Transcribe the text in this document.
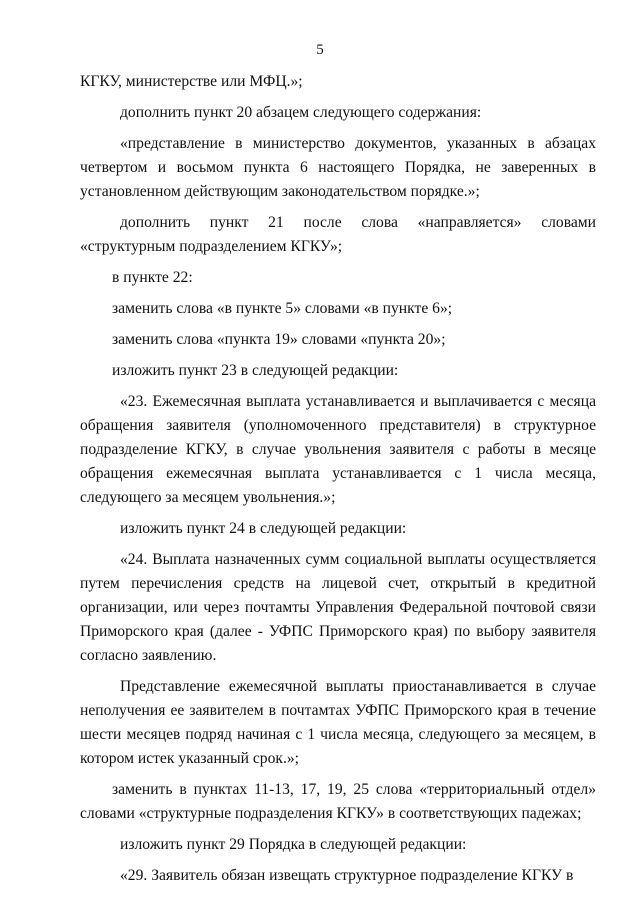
5

КГКУ, министерстве или МФЦ.»;

дополнить пункт 20 абзацем следующего содержания:

«представление в министерство документов, указанных в абзацах четвертом и восьмом пункта 6 настоящего Порядка, не заверенных в установленном действующим законодательством порядке.»;

дополнить пункт 21 после слова «направляется» словами «структурным подразделением КГКУ»;

в пункте 22:

заменить слова «в пункте 5» словами «в пункте 6»;

заменить слова «пункта 19» словами «пункта 20»;

изложить пункт 23 в следующей редакции:

«23. Ежемесячная выплата устанавливается и выплачивается с месяца обращения заявителя (уполномоченного представителя) в структурное подразделение КГКУ, в случае увольнения заявителя с работы в месяце обращения ежемесячная выплата устанавливается с 1 числа месяца, следующего за месяцем увольнения.»;

изложить пункт 24 в следующей редакции:

«24. Выплата назначенных сумм социальной выплаты осуществляется путем перечисления средств на лицевой счет, открытый в кредитной организации, или через почтамты Управления Федеральной почтовой связи Приморского края (далее - УФПС Приморского края) по выбору заявителя согласно заявлению.

Представление ежемесячной выплаты приостанавливается в случае неполучения ее заявителем в почтамтах УФПС Приморского края в течение шести месяцев подряд начиная с 1 числа месяца, следующего за месяцем, в котором истек указанный срок.»;

заменить в пунктах 11-13, 17, 19, 25 слова «территориальный отдел» словами «структурные подразделения КГКУ» в соответствующих падежах;

изложить пункт 29 Порядка в следующей редакции:

«29. Заявитель обязан извещать структурное подразделение КГКУ в
